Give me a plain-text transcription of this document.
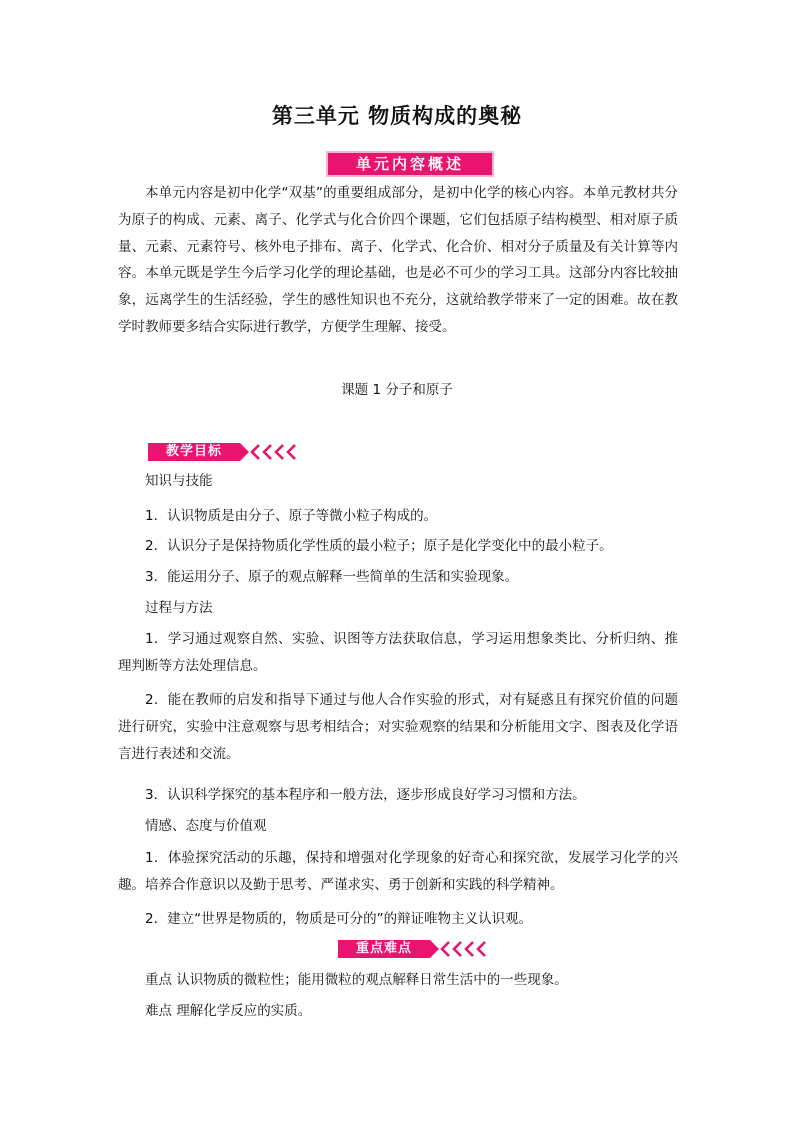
第三单元 物质构成的奥秘
单元内容概述

本单元内容是初中化学“双基”的重要组成部分，是初中化学的核心内容。本单元教材共分为原子的构成、元素、离子、化学式与化合价四个课题，它们包括原子结构模型、相对原子质量、元素、元素符号、核外电子排布、离子、化学式、化合价、相对分子质量及有关计算等内容。本单元既是学生今后学习化学的理论基础，也是必不可少的学习工具。这部分内容比较抽象，远离学生的生活经验，学生的感性知识也不充分，这就给教学带来了一定的困难。故在教学时教师要多结合实际进行教学，方便学生理解、接受。

课题 1 分子和原子
教学目标
知识与技能
1．认识物质是由分子、原子等微小粒子构成的。
2．认识分子是保持物质化学性质的最小粒子；原子是化学变化中的最小粒子。
3．能运用分子、原子的观点解释一些简单的生活和实验现象。
过程与方法
1．学习通过观察自然、实验、识图等方法获取信息，学习运用想象类比、分析归纳、推理判断等方法处理信息。
2．能在教师的启发和指导下通过与他人合作实验的形式，对有疑惑且有探究价值的问题进行研究，实验中注意观察与思考相结合；对实验观察的结果和分析能用文字、图表及化学语言进行表述和交流。
3．认识科学探究的基本程序和一般方法，逐步形成良好学习习惯和方法。
情感、态度与价值观
1．体验探究活动的乐趣，保持和增强对化学现象的好奇心和探究欲，发展学习化学的兴趣。培养合作意识以及勤于思考、严谨求实、勇于创新和实践的科学精神。
2．建立“世界是物质的，物质是可分的”的辩证唯物主义认识观。
重点难点
重点 认识物质的微粒性；能用微粒的观点解释日常生活中的一些现象。
难点 理解化学反应的实质。
